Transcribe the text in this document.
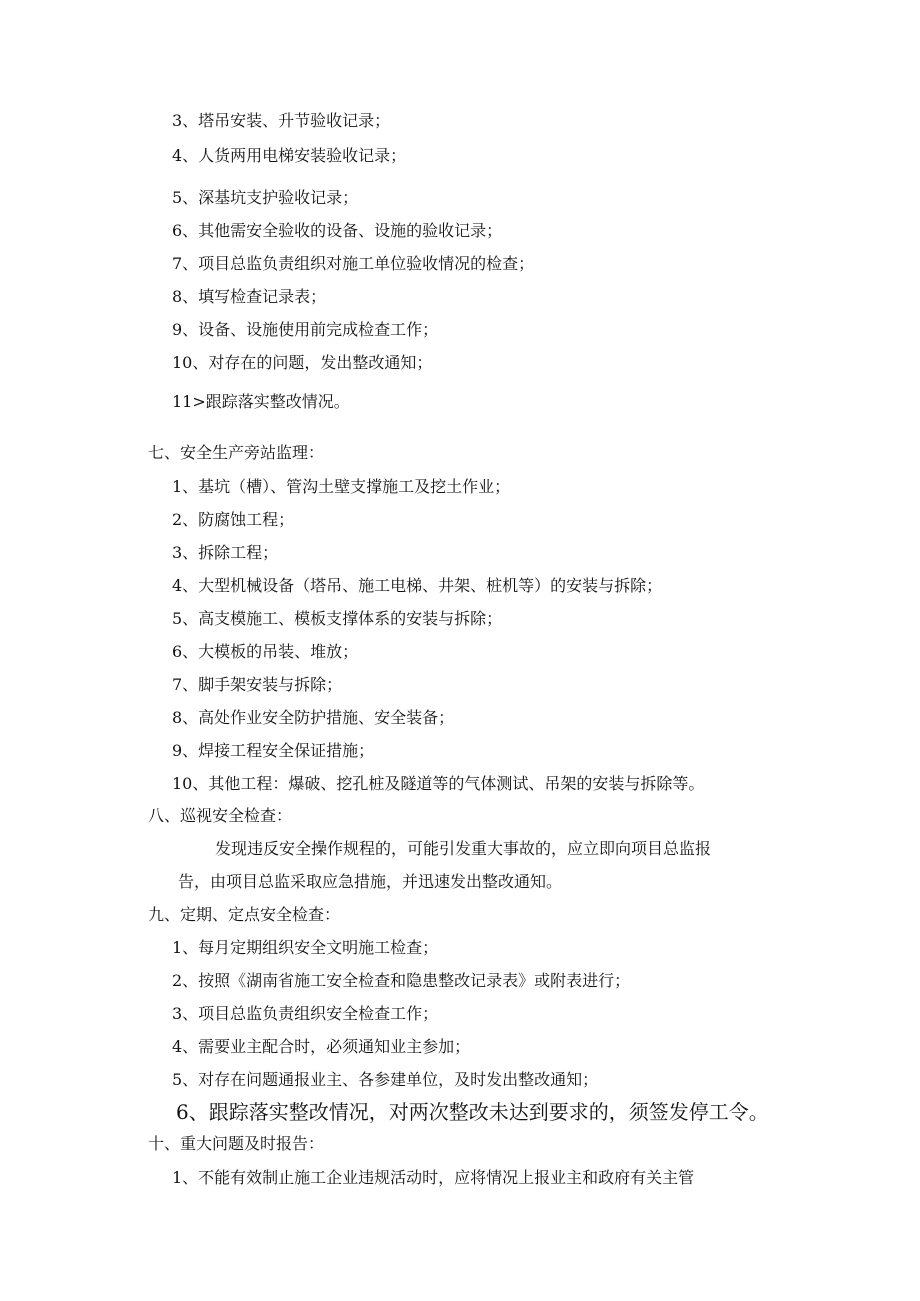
3、塔吊安装、升节验收记录；
4、人货两用电梯安装验收记录；
5、深基坑支护验收记录；
6、其他需安全验收的设备、设施的验收记录；
7、项目总监负责组织对施工单位验收情况的检查；
8、填写检查记录表；
9、设备、设施使用前完成检查工作；
10、对存在的问题，发出整改通知；
11>跟踪落实整改情况。
七、安全生产旁站监理：
1、基坑（槽）、管沟土壁支撑施工及挖土作业；
2、防腐蚀工程；
3、拆除工程；
4、大型机械设备（塔吊、施工电梯、井架、桩机等）的安装与拆除；
5、高支模施工、模板支撑体系的安装与拆除；
6、大模板的吊装、堆放；
7、脚手架安装与拆除；
8、高处作业安全防护措施、安全装备；
9、焊接工程安全保证措施；
10、其他工程：爆破、挖孔桩及隧道等的气体测试、吊架的安装与拆除等。
八、巡视安全检查：
发现违反安全操作规程的，可能引发重大事故的，应立即向项目总监报
告，由项目总监采取应急措施，并迅速发出整改通知。
九、定期、定点安全检查：
1、每月定期组织安全文明施工检查；
2、按照《湖南省施工安全检查和隐患整改记录表》或附表进行；
3、项目总监负责组织安全检查工作；
4、需要业主配合时，必须通知业主参加；
5、对存在问题通报业主、各参建单位，及时发出整改通知；
6、跟踪落实整改情况，对两次整改未达到要求的，须签发停工令。
十、重大问题及时报告：
1、不能有效制止施工企业违规活动时，应将情况上报业主和政府有关主管
